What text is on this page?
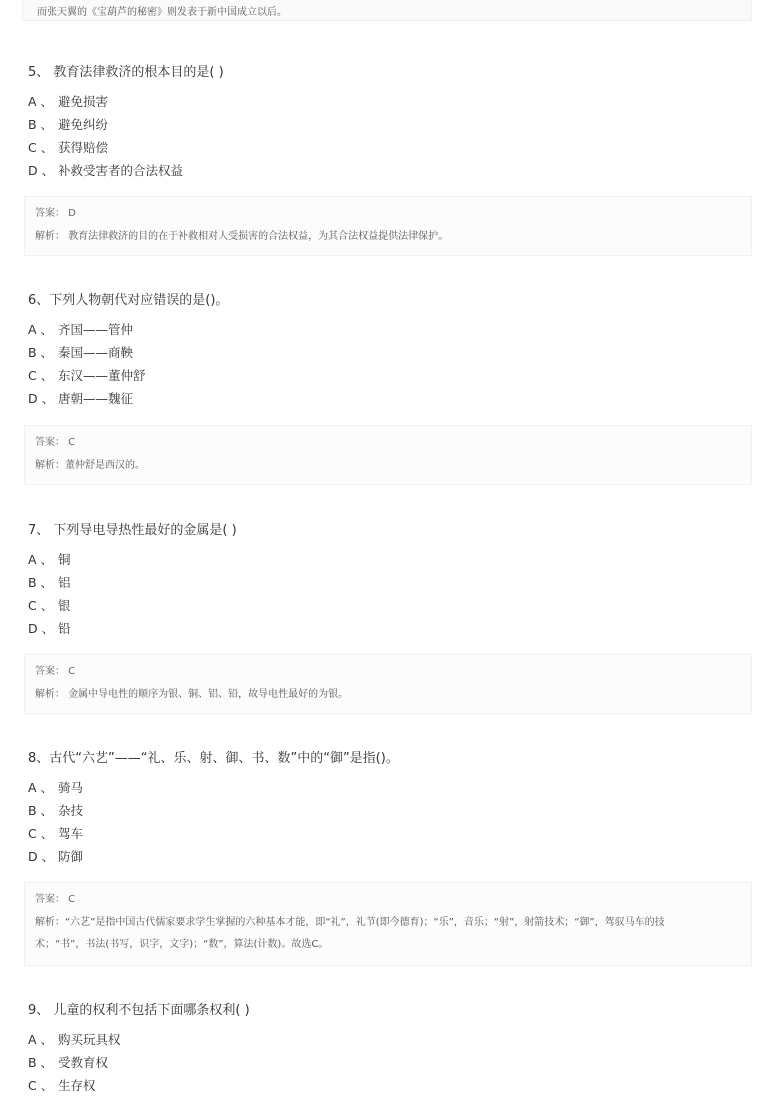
而张天翼的《宝葫芦的秘密》则发表于新中国成立以后。
5、 教育法律救济的根本目的是( )
A 、 避免损害
B 、 避免纠纷
C 、 获得赔偿
D 、 补救受害者的合法权益
答案： D
解析： 教育法律救济的目的在于补救相对人受损害的合法权益，为其合法权益提供法律保护。
6、下列人物朝代对应错误的是()。
A 、 齐国——管仲
B 、 秦国——商鞅
C 、 东汉——董仲舒
D 、 唐朝——魏征
答案： C
解析：董仲舒是西汉的。
7、 下列导电导热性最好的金属是( )
A 、 铜
B 、 铝
C 、 银
D 、 铅
答案： C
解析： 金属中导电性的顺序为银、铜、铝、铅，故导电性最好的为银。
8、古代“六艺”——“礼、乐、射、御、书、数”中的“御”是指()。
A 、 骑马
B 、 杂技
C 、 驾车
D 、 防御
答案： C
解析：“六艺”是指中国古代儒家要求学生掌握的六种基本才能，即“礼”，礼节(即今德育)；“乐”，音乐；“射”，射箭技术；“御”，驾驭马车的技术；“书”，书法(书写，识字，文字)；“数”，算法(计数)。故选C。
9、 儿童的权利不包括下面哪条权利( )
A 、 购买玩具权
B 、 受教育权
C 、 生存权
